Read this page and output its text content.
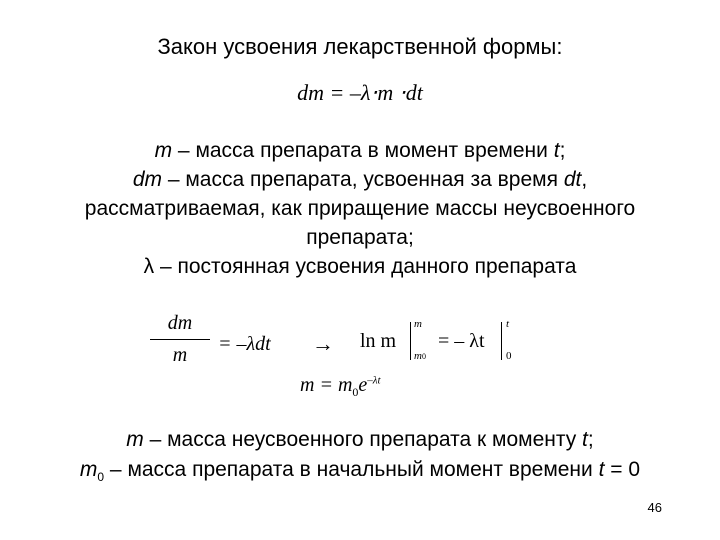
Закон усвоения лекарственной формы:
dm = –λ⋅m ⋅dt

m – масса препарата в момент времени t;

dm – масса препарата, усвоенная за время dt,

рассматриваемая, как приращение массы неусвоенного

препарата;

λ – постоянная усвоения данного препарата

dm
m	= –λdt → ln m
m
m0
= – λt
t
0
$m = m_0e^{-\lambda t}$

m – масса неусвоенного препарата к моменту t;

$m_0$ – масса препарата в начальный момент времени t = 0

46
